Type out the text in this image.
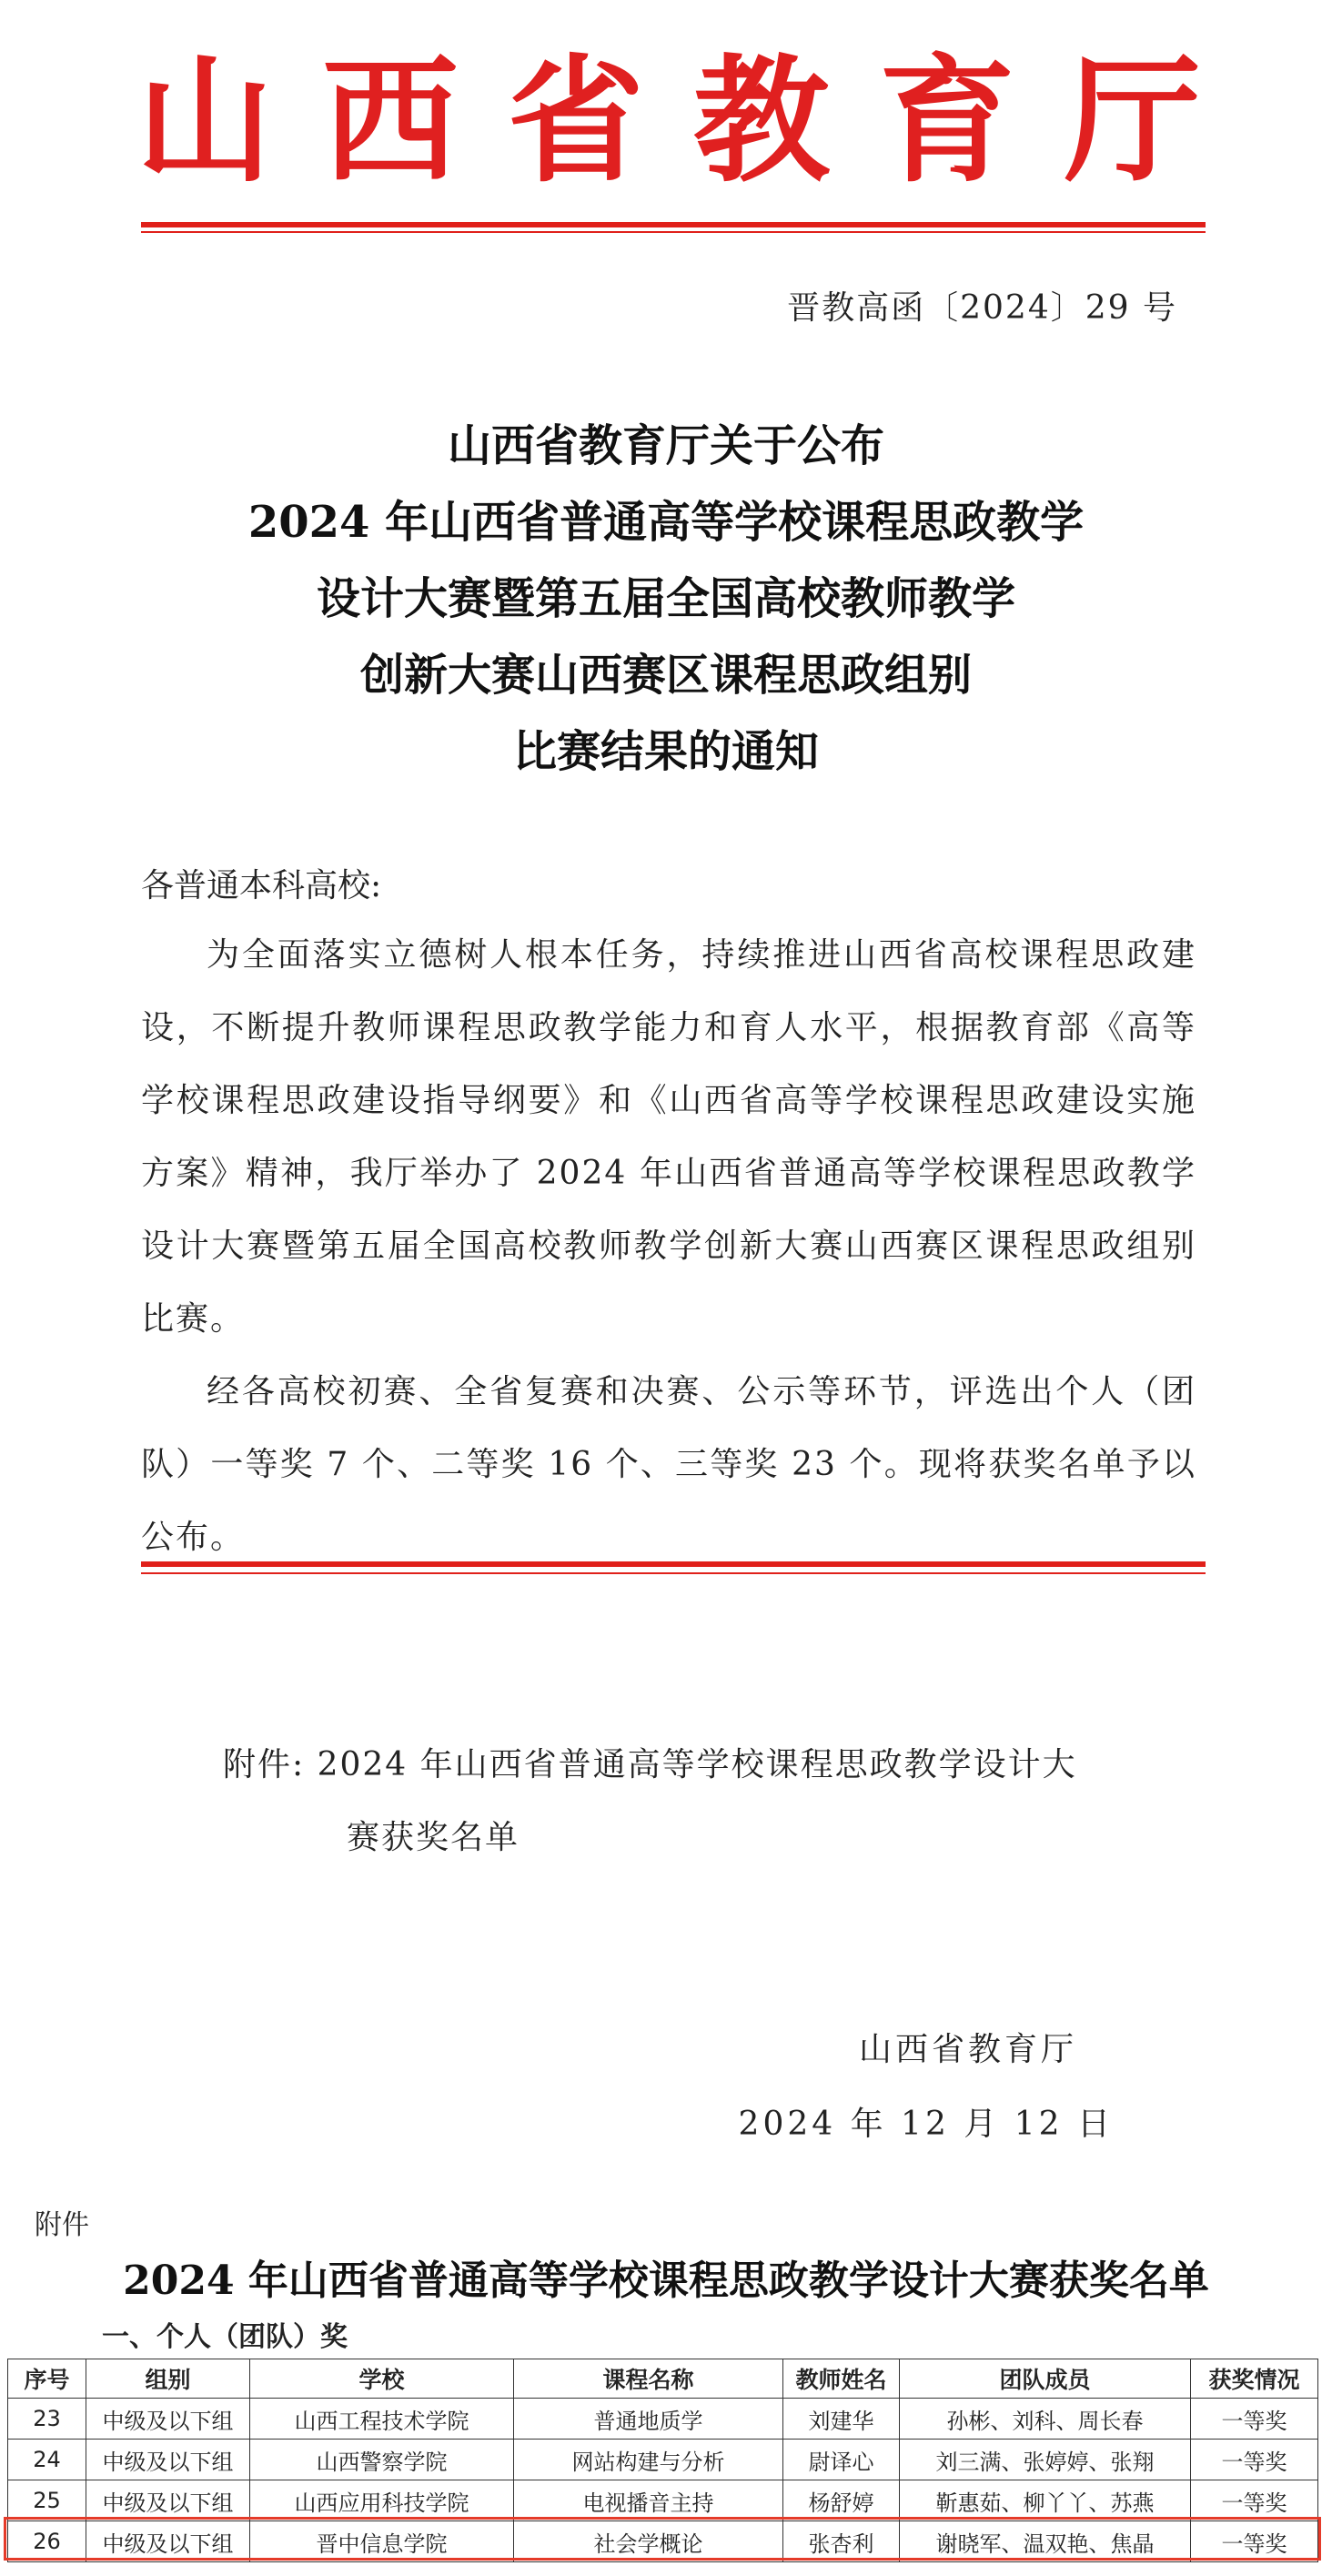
山 西 省 教 育 厅
晋教高函〔2024〕29 号
山西省教育厅关于公布
2024 年山西省普通高等学校课程思政教学
设计大赛暨第五届全国高校教师教学
创新大赛山西赛区课程思政组别
比赛结果的通知
各普通本科高校:

为全面落实立德树人根本任务，持续推进山西省高校课程思政建设，不断提升教师课程思政教学能力和育人水平，根据教育部《高等学校课程思政建设指导纲要》和《山西省高等学校课程思政建设实施方案》精神，我厅举办了 2024 年山西省普通高等学校课程思政教学设计大赛暨第五届全国高校教师教学创新大赛山西赛区课程思政组别比赛。

经各高校初赛、全省复赛和决赛、公示等环节，评选出个人（团队）一等奖 7 个、二等奖 16 个、三等奖 23 个。现将获奖名单予以公布。

附件: 2024 年山西省普通高等学校课程思政教学设计大
赛获奖名单
山西省教育厅
2024 年 12 月 12 日
附件
2024 年山西省普通高等学校课程思政教学设计大赛获奖名单
一、个人（团队）奖
序号	组别	学校	课程名称	教师姓名	团队成员	获奖情况
23	中级及以下组	山西工程技术学院	普通地质学	刘建华	孙彬、刘科、周长春	一等奖
24	中级及以下组	山西警察学院	网站构建与分析	尉译心	刘三满、张婷婷、张翔	一等奖
25	中级及以下组	山西应用科技学院	电视播音主持	杨舒婷	靳惠茹、柳丫丫、苏燕	一等奖
26	中级及以下组	晋中信息学院	社会学概论	张杏利	谢晓军、温双艳、焦晶	一等奖
